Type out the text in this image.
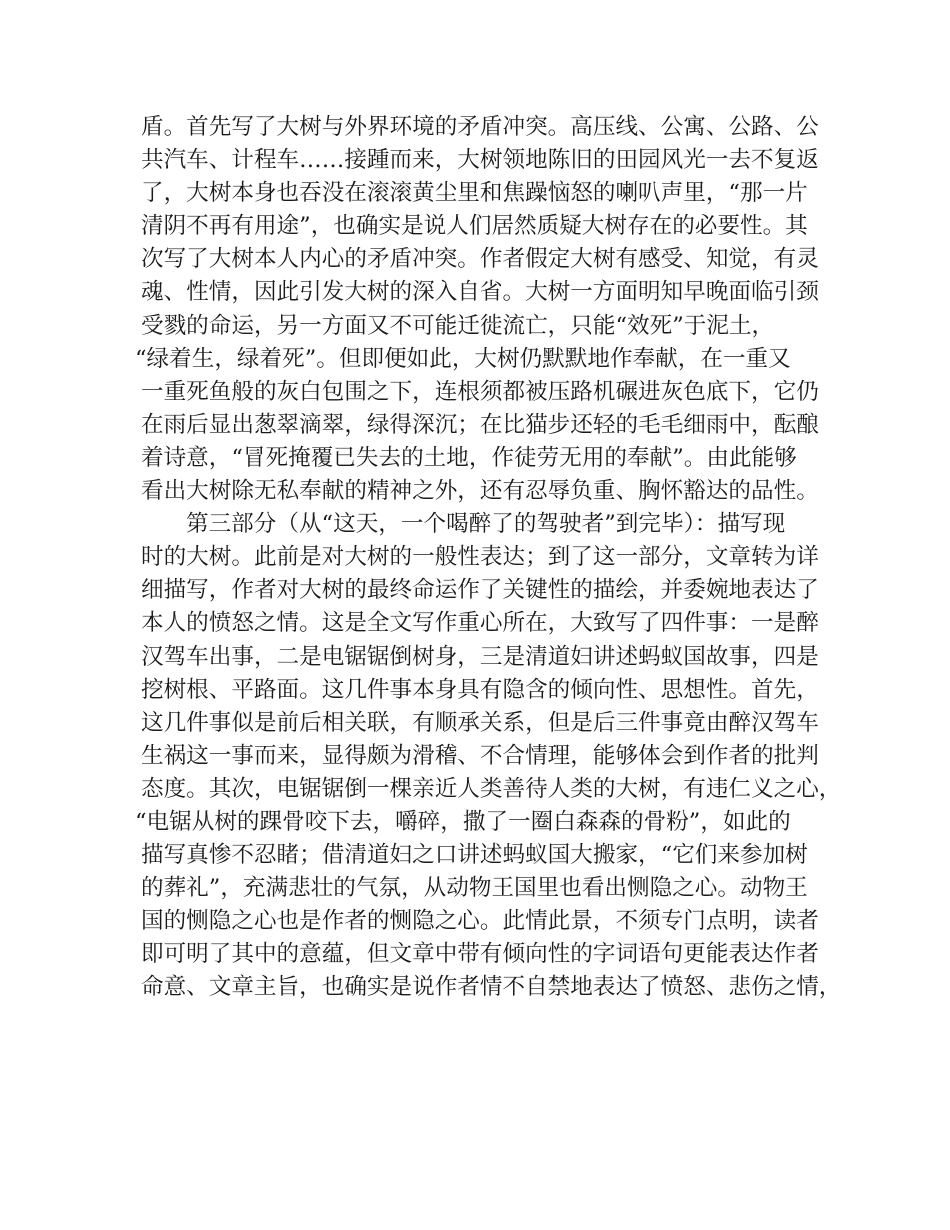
盾。首先写了大树与外界环境的矛盾冲突。高压线、公寓、公路、公
共汽车、计程车……接踵而来，大树领地陈旧的田园风光一去不复返
了，大树本身也吞没在滚滚黄尘里和焦躁恼怒的喇叭声里，“那一片
清阴不再有用途”，也确实是说人们居然质疑大树存在的必要性。其
次写了大树本人内心的矛盾冲突。作者假定大树有感受、知觉，有灵
魂、性情，因此引发大树的深入自省。大树一方面明知早晚面临引颈
受戮的命运，另一方面又不可能迁徙流亡，只能“效死”于泥土，
“绿着生，绿着死”。但即便如此，大树仍默默地作奉献，在一重又
一重死鱼般的灰白包围之下，连根须都被压路机碾进灰色底下，它仍
在雨后显出葱翠滴翠，绿得深沉；在比猫步还轻的毛毛细雨中，酝酿
着诗意，“冒死掩覆已失去的土地，作徒劳无用的奉献”。由此能够
看出大树除无私奉献的精神之外，还有忍辱负重、胸怀豁达的品性。
第三部分（从“这天，一个喝醉了的驾驶者”到完毕）：描写现
时的大树。此前是对大树的一般性表达；到了这一部分，文章转为详
细描写，作者对大树的最终命运作了关键性的描绘，并委婉地表达了
本人的愤怒之情。这是全文写作重心所在，大致写了四件事：一是醉
汉驾车出事，二是电锯锯倒树身，三是清道妇讲述蚂蚁国故事，四是
挖树根、平路面。这几件事本身具有隐含的倾向性、思想性。首先，
这几件事似是前后相关联，有顺承关系，但是后三件事竟由醉汉驾车
生祸这一事而来，显得颇为滑稽、不合情理，能够体会到作者的批判
态度。其次，电锯锯倒一棵亲近人类善待人类的大树，有违仁义之心，
“电锯从树的踝骨咬下去，嚼碎，撒了一圈白森森的骨粉”，如此的
描写真惨不忍睹；借清道妇之口讲述蚂蚁国大搬家，“它们来参加树
的葬礼”，充满悲壮的气氛，从动物王国里也看出恻隐之心。动物王
国的恻隐之心也是作者的恻隐之心。此情此景，不须专门点明，读者
即可明了其中的意蕴，但文章中带有倾向性的字词语句更能表达作者
命意、文章主旨，也确实是说作者情不自禁地表达了愤怒、悲伤之情，
